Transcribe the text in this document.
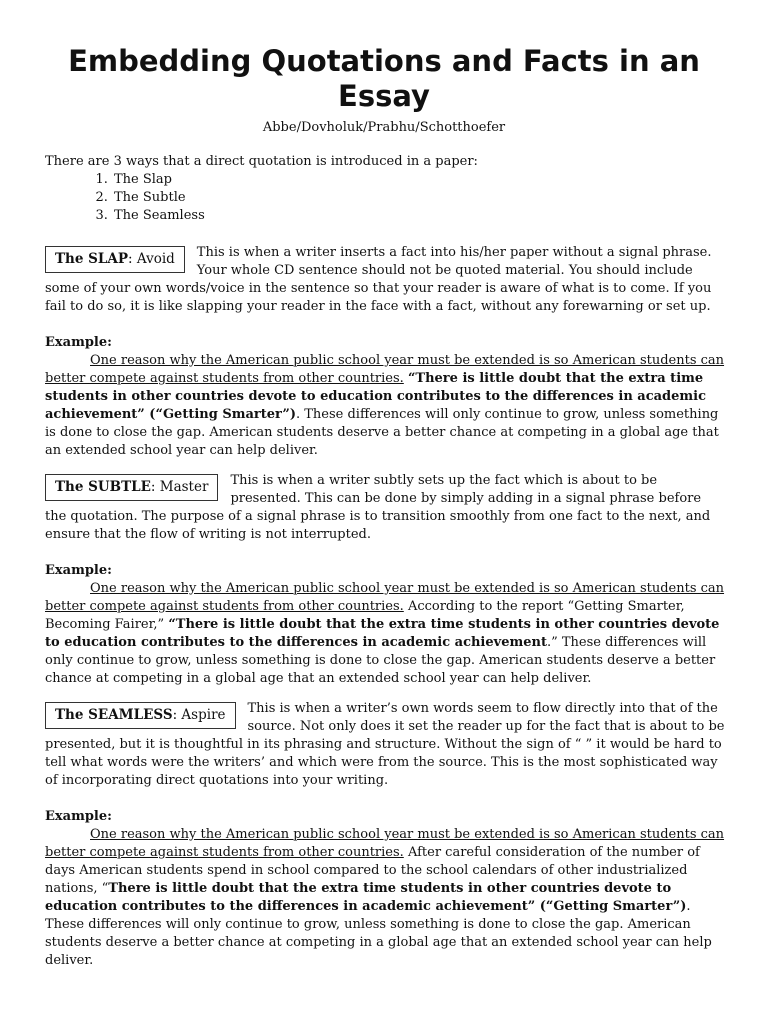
Embedding Quotations and Facts in an Essay
Abbe/Dovholuk/Prabhu/Schotthoefer
There are 3 ways that a direct quotation is introduced in a paper:
1. The Slap
2. The Subtle
3. The Seamless
The SLAP: Avoid	This is when a writer inserts a fact into his/her paper without a signal phrase. Your whole CD sentence should not be quoted material. You should include some of your own words/voice in the sentence so that your reader is aware of what is to come. If you fail to do so, it is like slapping your reader in the face with a fact, without any forewarning or set up.

Example:
One reason why the American public school year must be extended is so American students can better compete against students from other countries. “There is little doubt that the extra time students in other countries devote to education contributes to the differences in academic achievement” (“Getting Smarter”). These differences will only continue to grow, unless something is done to close the gap. American students deserve a better chance at competing in a global age that an extended school year can help deliver.

The SUBTLE: Master	This is when a writer subtly sets up the fact which is about to be presented. This can be done by simply adding in a signal phrase before the quotation. The purpose of a signal phrase is to transition smoothly from one fact to the next, and ensure that the flow of writing is not interrupted.

Example:
One reason why the American public school year must be extended is so American students can better compete against students from other countries. According to the report “Getting Smarter, Becoming Fairer,” “There is little doubt that the extra time students in other countries devote to education contributes to the differences in academic achievement.” These differences will only continue to grow, unless something is done to close the gap. American students deserve a better chance at competing in a global age that an extended school year can help deliver.

The SEAMLESS: Aspire	This is when a writer’s own words seem to flow directly into that of the source. Not only does it set the reader up for the fact that is about to be presented, but it is thoughtful in its phrasing and structure. Without the sign of “ ” it would be hard to tell what words were the writers’ and which were from the source. This is the most sophisticated way of incorporating direct quotations into your writing.

Example:
One reason why the American public school year must be extended is so American students can better compete against students from other countries. After careful consideration of the number of days American students spend in school compared to the school calendars of other industrialized nations, “There is little doubt that the extra time students in other countries devote to education contributes to the differences in academic achievement” (“Getting Smarter”). These differences will only continue to grow, unless something is done to close the gap. American students deserve a better chance at competing in a global age that an extended school year can help deliver.
